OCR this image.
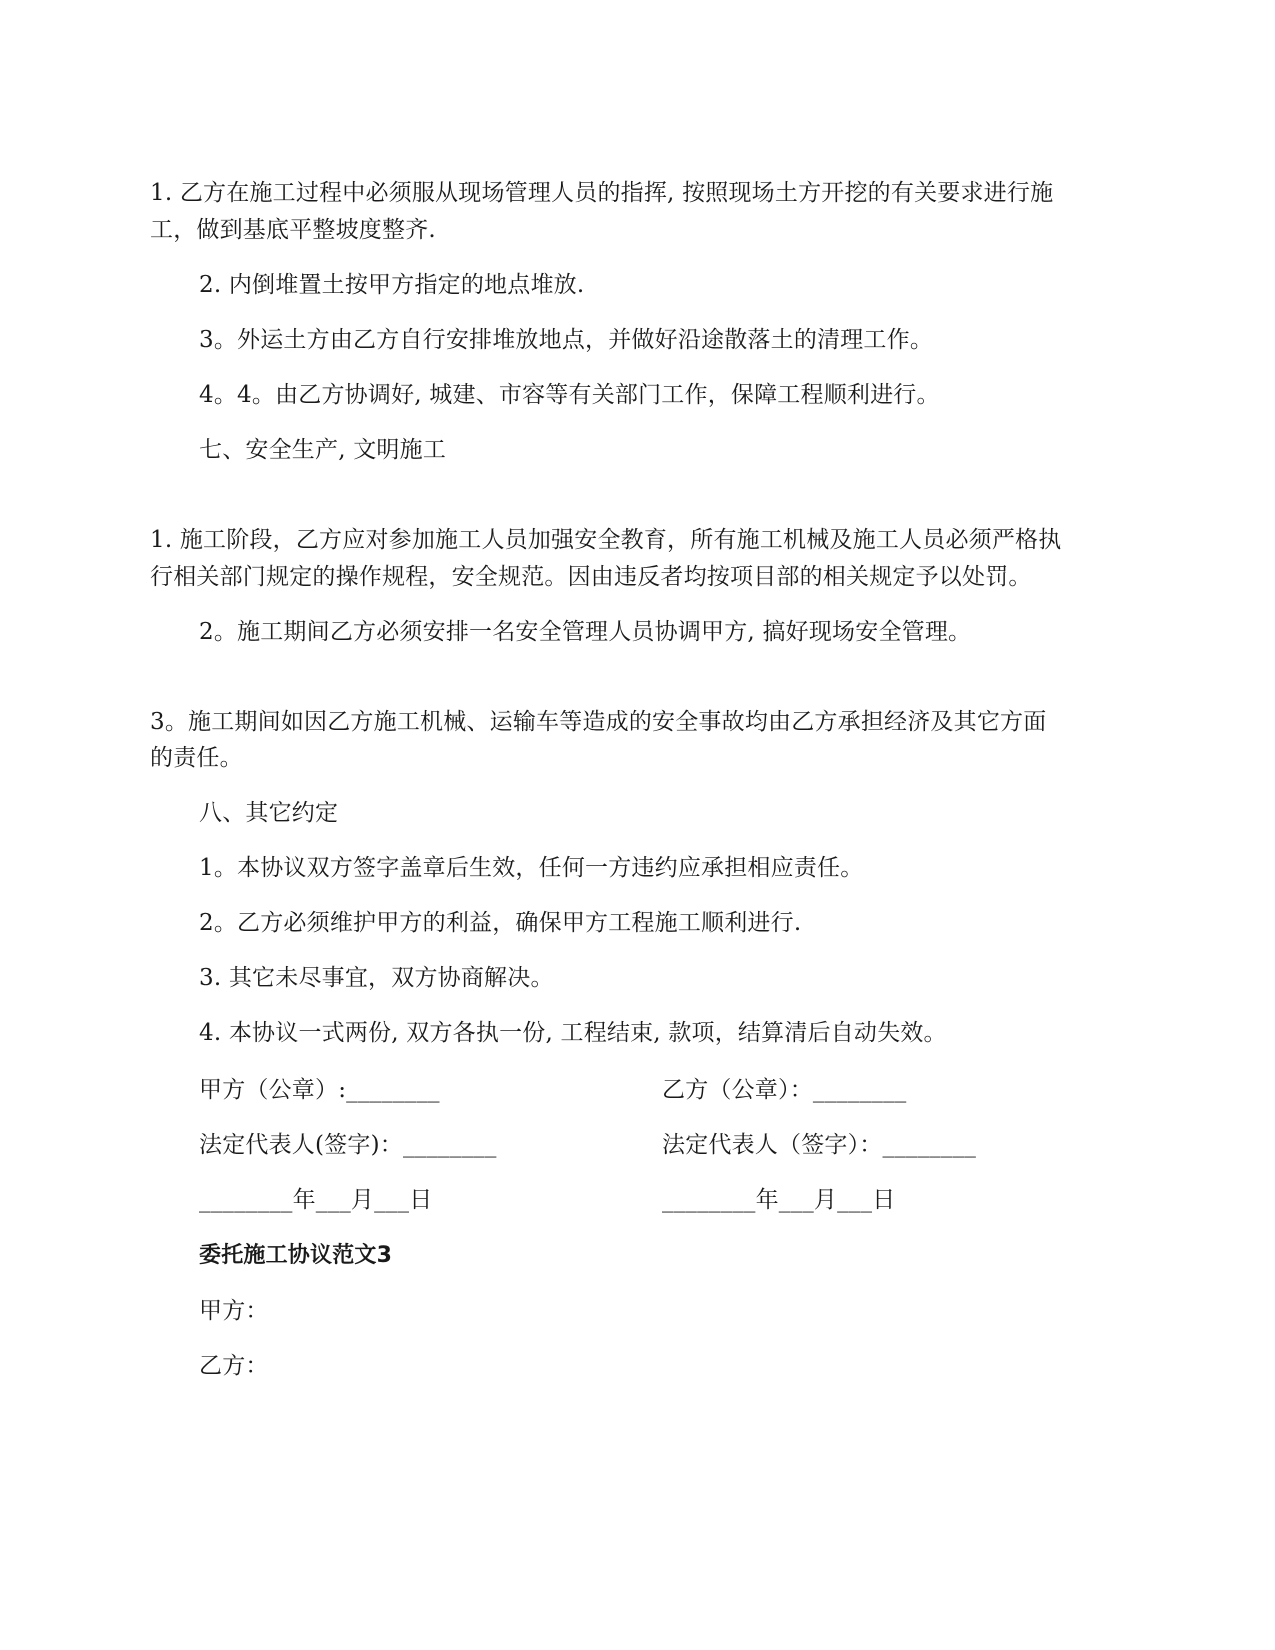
1. 乙方在施工过程中必须服从现场管理人员的指挥, 按照现场土方开挖的有关要求进行施
工，做到基底平整坡度整齐.
2. 内倒堆置土按甲方指定的地点堆放.
3。外运土方由乙方自行安排堆放地点，并做好沿途散落土的清理工作。
4。4。由乙方协调好, 城建、市容等有关部门工作，保障工程顺利进行。
七、安全生产, 文明施工
1. 施工阶段，乙方应对参加施工人员加强安全教育，所有施工机械及施工人员必须严格执
行相关部门规定的操作规程，安全规范。因由违反者均按项目部的相关规定予以处罚。
2。施工期间乙方必须安排一名安全管理人员协调甲方, 搞好现场安全管理。
3。施工期间如因乙方施工机械、运输车等造成的安全事故均由乙方承担经济及其它方面
的责任。
八、其它约定
1。本协议双方签字盖章后生效，任何一方违约应承担相应责任。
2。乙方必须维护甲方的利益，确保甲方工程施工顺利进行.
3. 其它未尽事宜，双方协商解决。
4. 本协议一式两份, 双方各执一份, 工程结束, 款项，结算清后自动失效。
甲方（公章）:________	乙方（公章）：________
法定代表人(签字)：________	法定代表人（签字）：________
________年___月___日	________年___月___日
委托施工协议范文3
甲方：
乙方：
